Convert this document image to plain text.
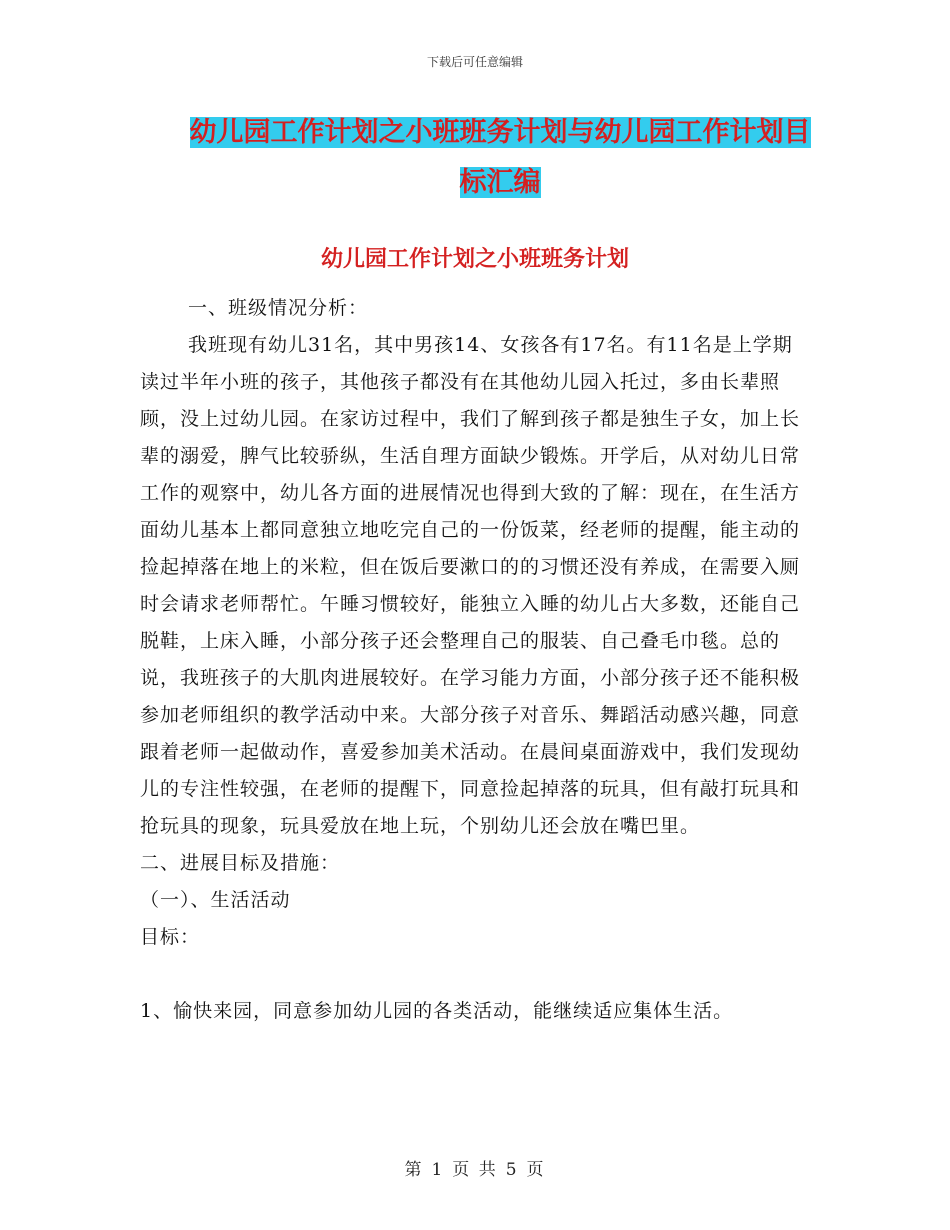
下载后可任意编辑
幼儿园工作计划之小班班务计划与幼儿园工作计划目
标汇编
幼儿园工作计划之小班班务计划

一、班级情况分析：

我班现有幼儿31名，其中男孩14、女孩各有17名。有11名是上学期读过半年小班的孩子，其他孩子都没有在其他幼儿园入托过，多由长辈照顾，没上过幼儿园。在家访过程中，我们了解到孩子都是独生子女，加上长辈的溺爱，脾气比较骄纵，生活自理方面缺少锻炼。开学后，从对幼儿日常工作的观察中，幼儿各方面的进展情况也得到大致的了解：现在，在生活方面幼儿基本上都同意独立地吃完自己的一份饭菜，经老师的提醒，能主动的捡起掉落在地上的米粒，但在饭后要漱口的的习惯还没有养成，在需要入厕时会请求老师帮忙。午睡习惯较好，能独立入睡的幼儿占大多数，还能自己脱鞋，上床入睡，小部分孩子还会整理自己的服装、自己叠毛巾毯。总的说，我班孩子的大肌肉进展较好。在学习能力方面，小部分孩子还不能积极参加老师组织的教学活动中来。大部分孩子对音乐、舞蹈活动感兴趣，同意跟着老师一起做动作，喜爱参加美术活动。在晨间桌面游戏中，我们发现幼儿的专注性较强，在老师的提醒下，同意捡起掉落的玩具，但有敲打玩具和抢玩具的现象，玩具爱放在地上玩，个别幼儿还会放在嘴巴里。

二、进展目标及措施：

（一）、生活活动

目标：

1、愉快来园，同意参加幼儿园的各类活动，能继续适应集体生活。

第 1 页 共 5 页
